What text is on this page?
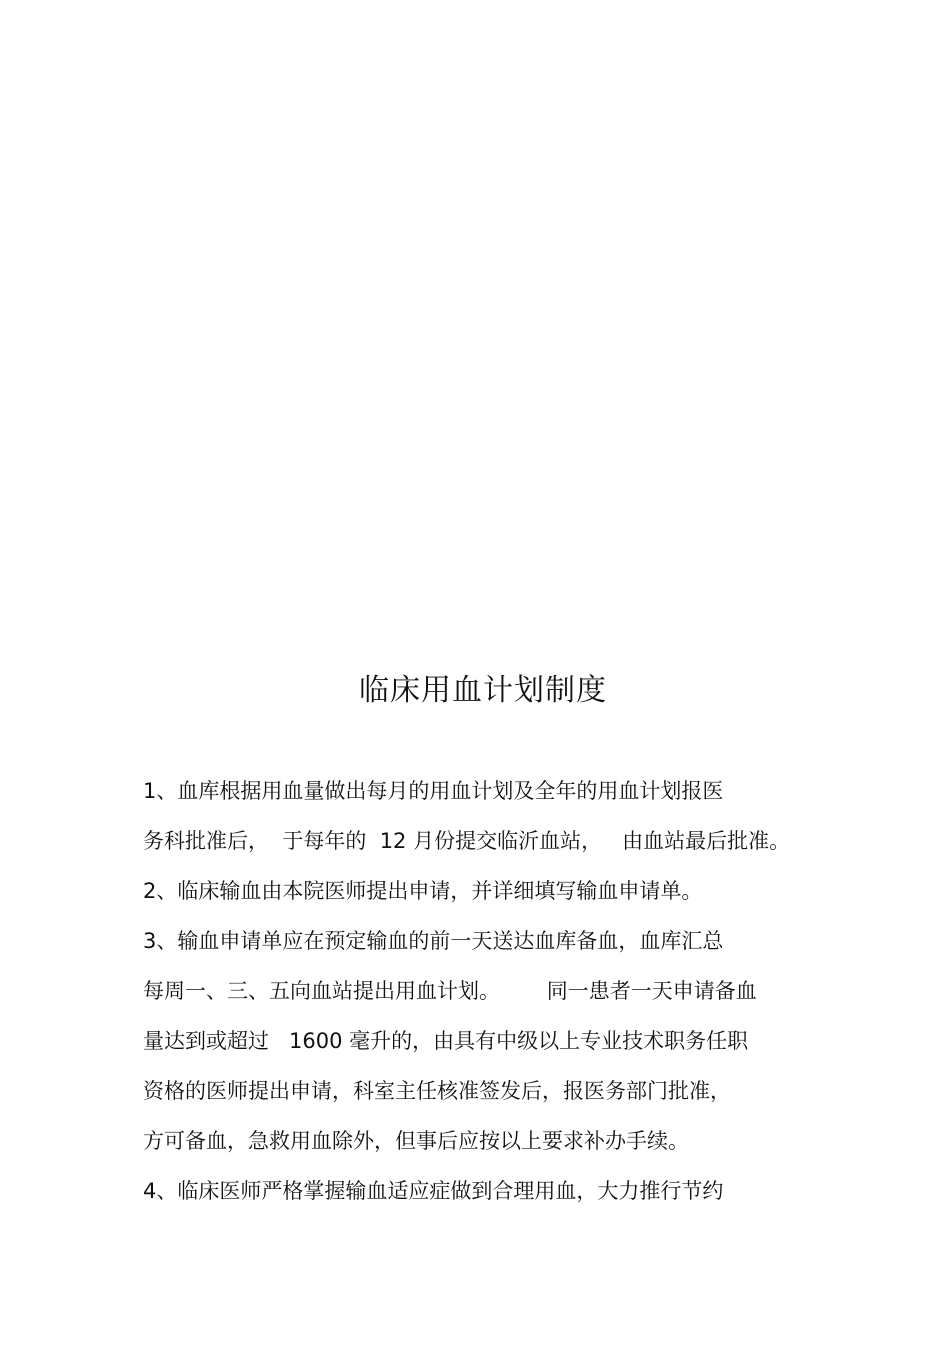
临床用血计划制度
1、血库根据用血量做出每月的用血计划及全年的用血计划报医
务科批准后，  于每年的  12 月份提交临沂血站，   由血站最后批准。
2、临床输血由本院医师提出申请，并详细填写输血申请单。
3、输血申请单应在预定输血的前一天送达血库备血，血库汇总
每周一、三、五向血站提出用血计划。       同一患者一天申请备血
量达到或超过   1600 毫升的，由具有中级以上专业技术职务任职
资格的医师提出申请，科室主任核准签发后，报医务部门批准，
方可备血，急救用血除外，但事后应按以上要求补办手续。
4、临床医师严格掌握输血适应症做到合理用血，大力推行节约
